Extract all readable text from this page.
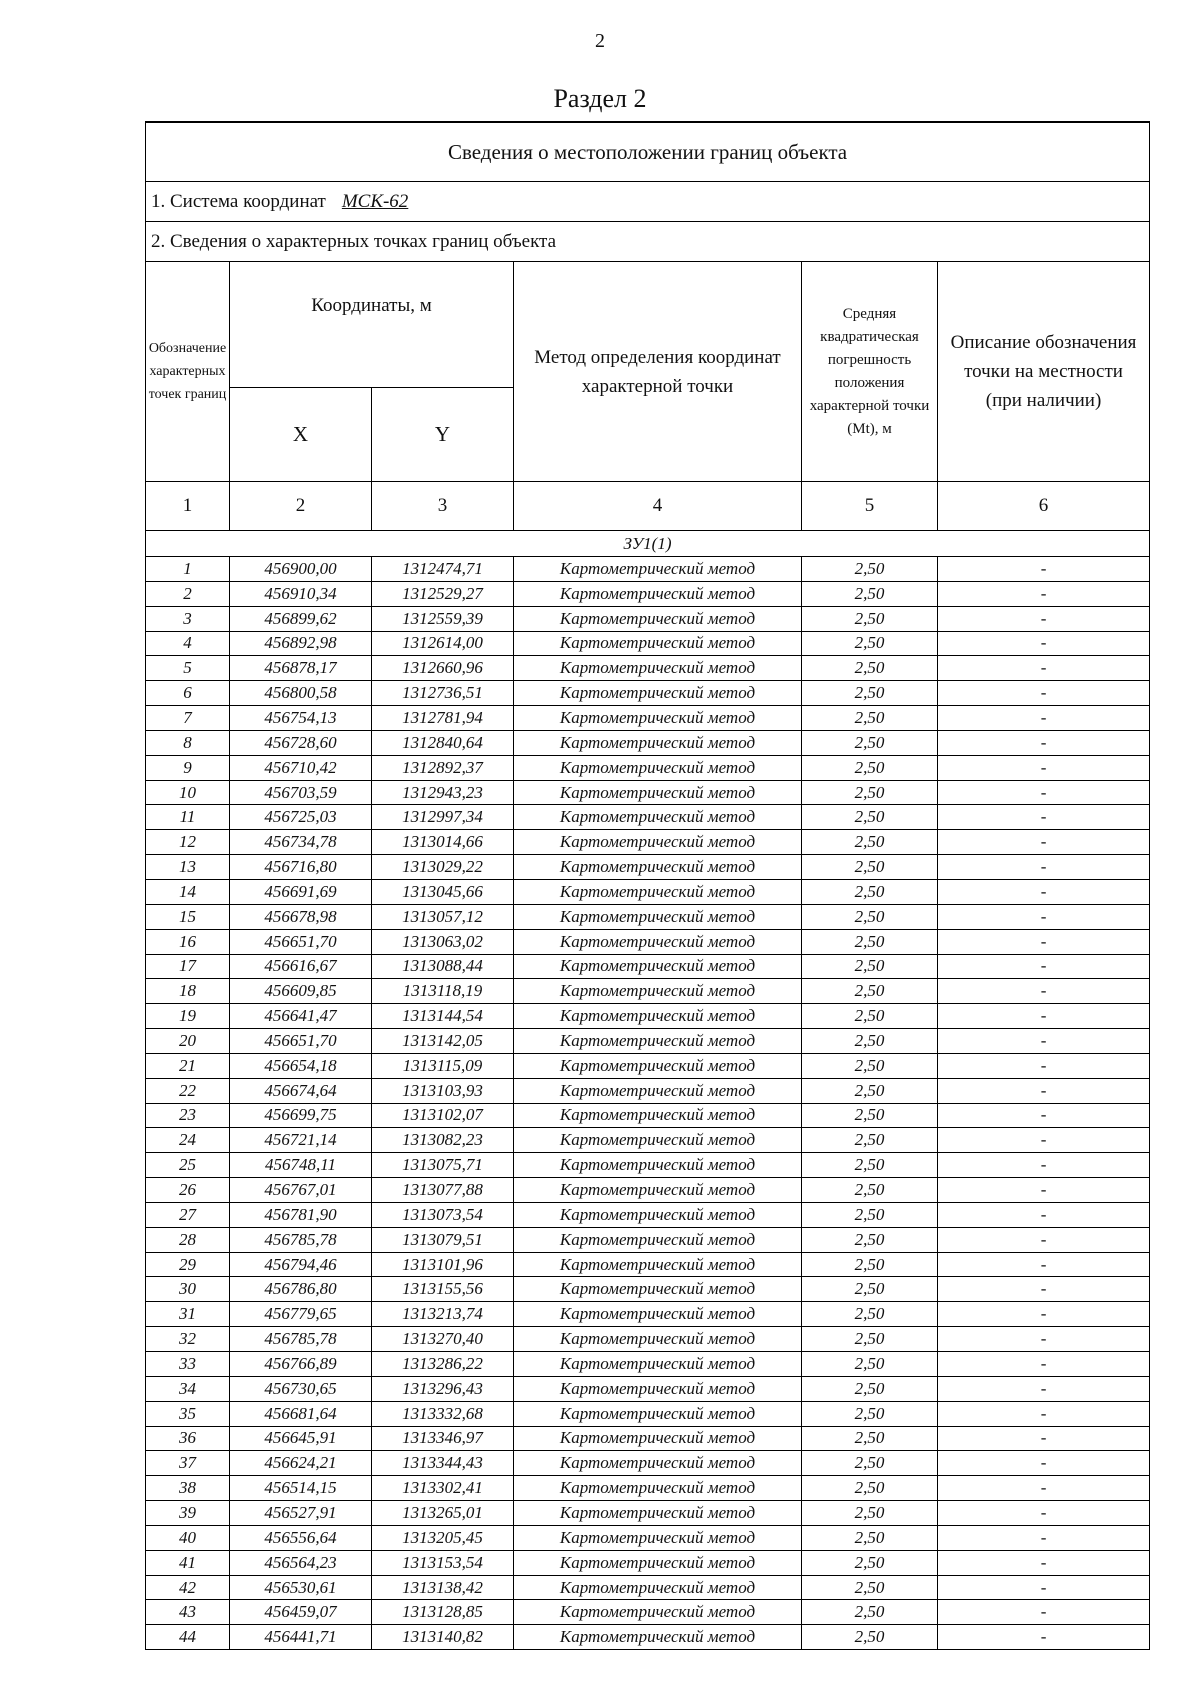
2
Раздел 2
Сведения о местоположении границ объекта					
1. Система координат МСК-62					
2. Сведения о характерных точках границ объекта					
Обозначение характерных точек границ	Координаты, м		Метод определения координат характерной точки	Средняя квадратическая погрешность положения характерной точки (Mt), м	Описание обозначения точки на местности (при наличии)
	X	Y			
1	2	3	4	5	6
ЗУ1(1)					
1	456900,00	1312474,71	Картометрический метод	2,50	-
2	456910,34	1312529,27	Картометрический метод	2,50	-
3	456899,62	1312559,39	Картометрический метод	2,50	-
4	456892,98	1312614,00	Картометрический метод	2,50	-
5	456878,17	1312660,96	Картометрический метод	2,50	-
6	456800,58	1312736,51	Картометрический метод	2,50	-
7	456754,13	1312781,94	Картометрический метод	2,50	-
8	456728,60	1312840,64	Картометрический метод	2,50	-
9	456710,42	1312892,37	Картометрический метод	2,50	-
10	456703,59	1312943,23	Картометрический метод	2,50	-
11	456725,03	1312997,34	Картометрический метод	2,50	-
12	456734,78	1313014,66	Картометрический метод	2,50	-
13	456716,80	1313029,22	Картометрический метод	2,50	-
14	456691,69	1313045,66	Картометрический метод	2,50	-
15	456678,98	1313057,12	Картометрический метод	2,50	-
16	456651,70	1313063,02	Картометрический метод	2,50	-
17	456616,67	1313088,44	Картометрический метод	2,50	-
18	456609,85	1313118,19	Картометрический метод	2,50	-
19	456641,47	1313144,54	Картометрический метод	2,50	-
20	456651,70	1313142,05	Картометрический метод	2,50	-
21	456654,18	1313115,09	Картометрический метод	2,50	-
22	456674,64	1313103,93	Картометрический метод	2,50	-
23	456699,75	1313102,07	Картометрический метод	2,50	-
24	456721,14	1313082,23	Картометрический метод	2,50	-
25	456748,11	1313075,71	Картометрический метод	2,50	-
26	456767,01	1313077,88	Картометрический метод	2,50	-
27	456781,90	1313073,54	Картометрический метод	2,50	-
28	456785,78	1313079,51	Картометрический метод	2,50	-
29	456794,46	1313101,96	Картометрический метод	2,50	-
30	456786,80	1313155,56	Картометрический метод	2,50	-
31	456779,65	1313213,74	Картометрический метод	2,50	-
32	456785,78	1313270,40	Картометрический метод	2,50	-
33	456766,89	1313286,22	Картометрический метод	2,50	-
34	456730,65	1313296,43	Картометрический метод	2,50	-
35	456681,64	1313332,68	Картометрический метод	2,50	-
36	456645,91	1313346,97	Картометрический метод	2,50	-
37	456624,21	1313344,43	Картометрический метод	2,50	-
38	456514,15	1313302,41	Картометрический метод	2,50	-
39	456527,91	1313265,01	Картометрический метод	2,50	-
40	456556,64	1313205,45	Картометрический метод	2,50	-
41	456564,23	1313153,54	Картометрический метод	2,50	-
42	456530,61	1313138,42	Картометрический метод	2,50	-
43	456459,07	1313128,85	Картометрический метод	2,50	-
44	456441,71	1313140,82	Картометрический метод	2,50	-
